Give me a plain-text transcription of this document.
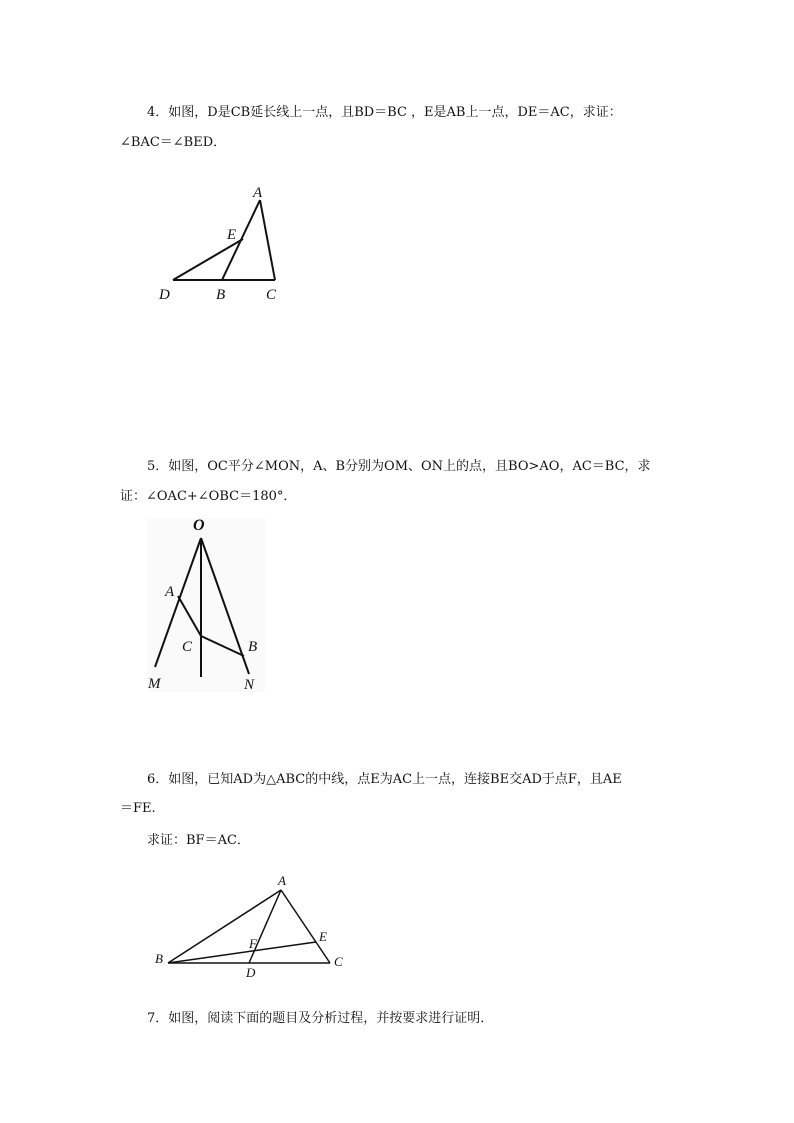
4．如图，D是CB延长线上一点，且BD＝BC ，E是AB上一点，DE＝AC，求证：
∠BAC＝∠BED．
A
E
D	B	C
5．如图，OC平分∠MON，A、B分别为OM、ON上的点，且BO>AO，AC＝BC，求
证：∠OAC+∠OBC＝180°．
O
A
C	B
M	N
6．如图，已知AD为△ABC的中线，点E为AC上一点，连接BE交AD于点F，且AE
＝FE.
求证：BF＝AC．
A
B	C
D
E
F
7．如图，阅读下面的题目及分析过程，并按要求进行证明．
